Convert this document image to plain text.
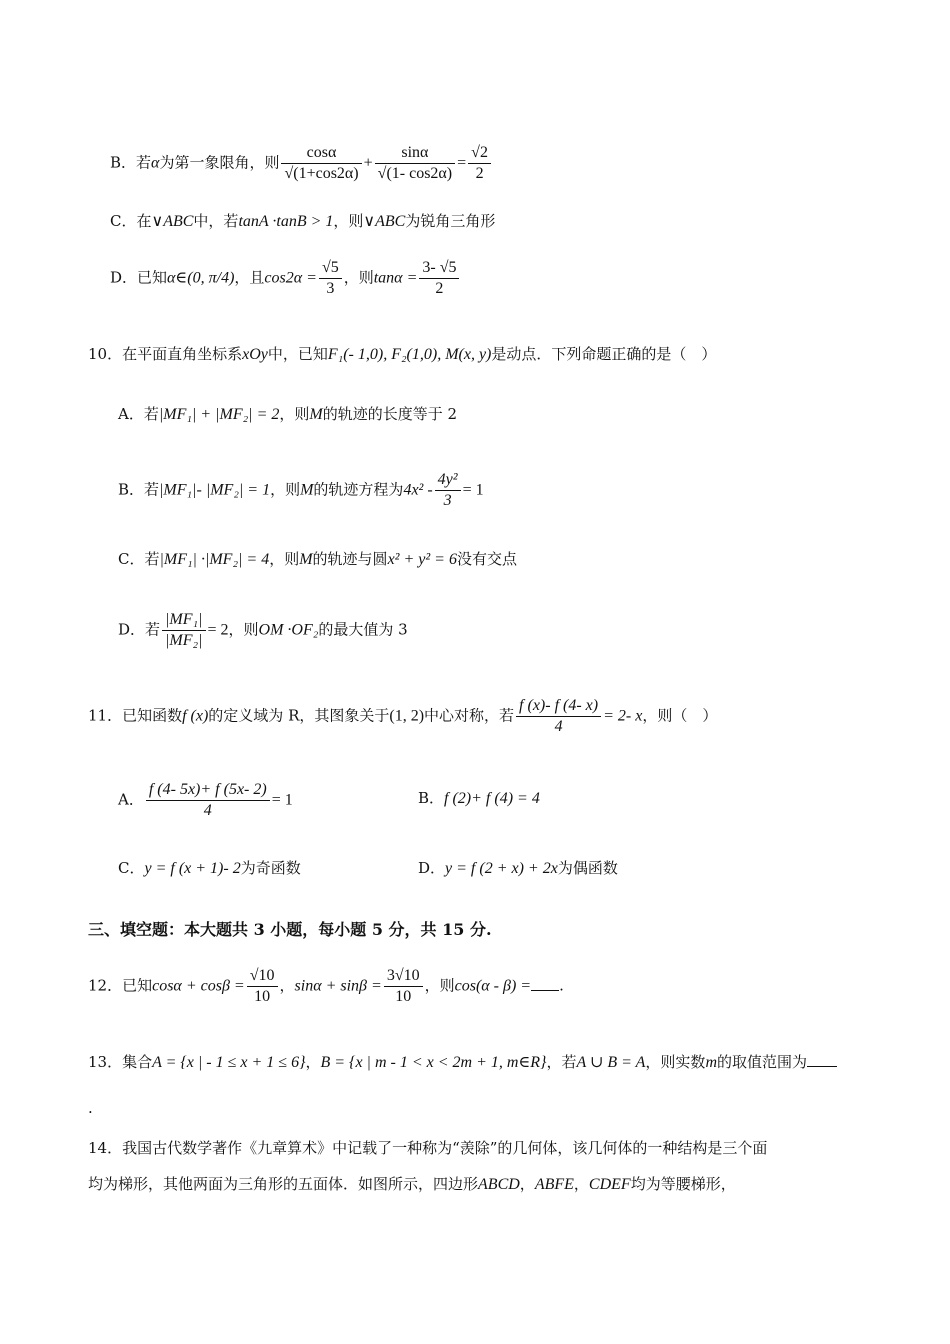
B．若α为第一象限角，则 $\frac{\cos\alpha}{√(1+\cos 2\alpha)} + \frac{\sin\alpha}{√(1- \cos 2\alpha)} = \frac{√2}{2}$
C．在∨ABC中，若tanA ·tanB > 1，则∨ABC为锐角三角形
D．已知α∈(0, π/4)，且$\cos 2\alpha = \frac{√5}{3}$ ，则$\tan\alpha = \frac{3- √5}{2}$
10．在平面直角坐标系xOy中，已知F₁(- 1,0), F₂(1,0), M(x, y)是动点．下列命题正确的是（　）
A．若|MF₁| + |MF₂| = 2，则M的轨迹的长度等于 2
B．若|MF₁|- |MF₂| = 1，则M的轨迹方程为$4x^2 - \frac{\text{4y²}}{3} = 1$
C．若|MF₁| ·|MF₂| = 4，则M的轨迹与圆x² + y² = 6没有交点
D．若 $\frac{\text{|MF₁|}}{\text{|MF₂|}} = 2$，则OM ·OF₂的最大值为 3
11．已知函数f (x)的定义域为 R，其图象关于(1, 2)中心对称，若 $\frac{f (x)- f (4- x)}{4} = 2-$ x，则（　）
A． $\frac{f (4- 5x)+ f (5x- 2)}{4} = 1$	B．f (2)+ f (4) = 4
C．y = f (x + 1)- 2为奇函数	D．y = f (2 + x) + 2x为偶函数
三、填空题：本大题共 3 小题，每小题 5 分，共 15 分.
12．已知$\cos\alpha + \cos\beta = \frac{√10}{10}$ ，$\sin\alpha + \sin\beta = \frac{3√10}{10}$ ，则cos(α - β) = .
13．集合A = {x | - 1 ≤ x + 1 ≤ 6}，B = {x | m - 1 < x < 2m + 1, m∈R}，若A ∪ B = A，则实数m的取值范围为
.
14．我国古代数学著作《九章算术》中记载了一种称为“羡除”的几何体，该几何体的一种结构是三个面
均为梯形，其他两面为三角形的五面体．如图所示，四边形ABCD，ABFE，CDEF均为等腰梯形，
